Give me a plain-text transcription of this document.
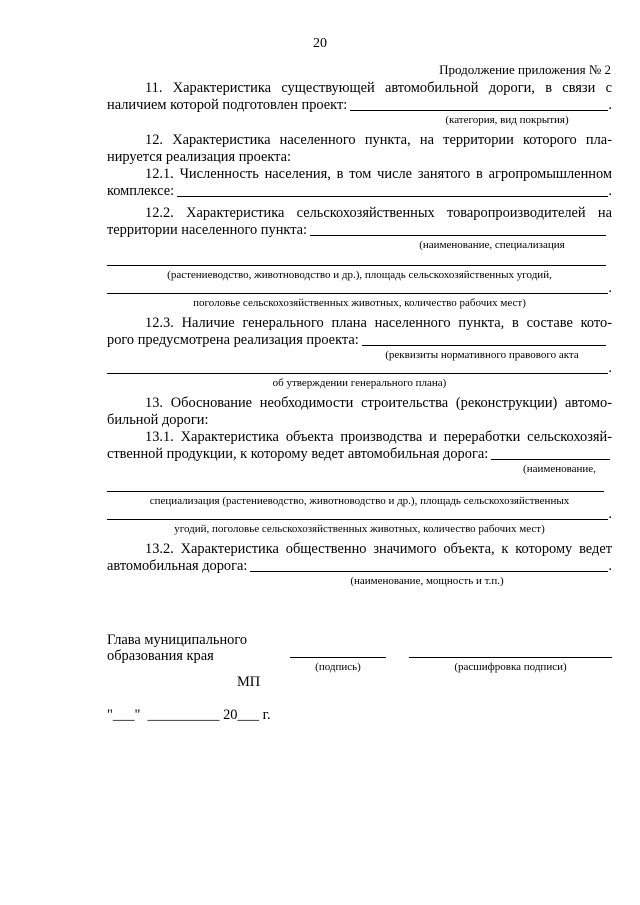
20
Продолжение приложения № 2
11. Характеристика существующей автомобильной дороги, в связи с
наличием которой подготовлен проект:	.
(категория, вид покрытия)
12. Характеристика населенного пункта, на территории которого пла-
нируется реализация проекта:
12.1. Численность населения, в том числе занятого в агропромышленном
комплексе:	.
12.2. Характеристика сельскохозяйственных товаропроизводителей на
территории населенного пункта:
(наименование, специализация
(растениеводство, животноводство и др.), площадь сельскохозяйственных угодий,
.
поголовье сельскохозяйственных животных, количество рабочих мест)
12.3. Наличие генерального плана населенного пункта, в составе кото-
рого предусмотрена реализация проекта:
(реквизиты нормативного правового акта
.
об утверждении генерального плана)
13. Обоснование необходимости строительства (реконструкции) автомо-
бильной дороги:
13.1. Характеристика объекта производства и переработки сельскохозяй-
ственной продукции, к которому ведет автомобильная дорога:
(наименование,
специализация (растениеводство, животноводство и др.), площадь сельскохозяйственных
.
угодий, поголовье сельскохозяйственных животных, количество рабочих мест)
13.2. Характеристика общественно значимого объекта, к которому ведет
автомобильная дорога:	.
(наименование, мощность и т.п.)
Глава муниципального
образования края
(подпись)	(расшифровка подписи)
МП
"___"  __________ 20___ г.
